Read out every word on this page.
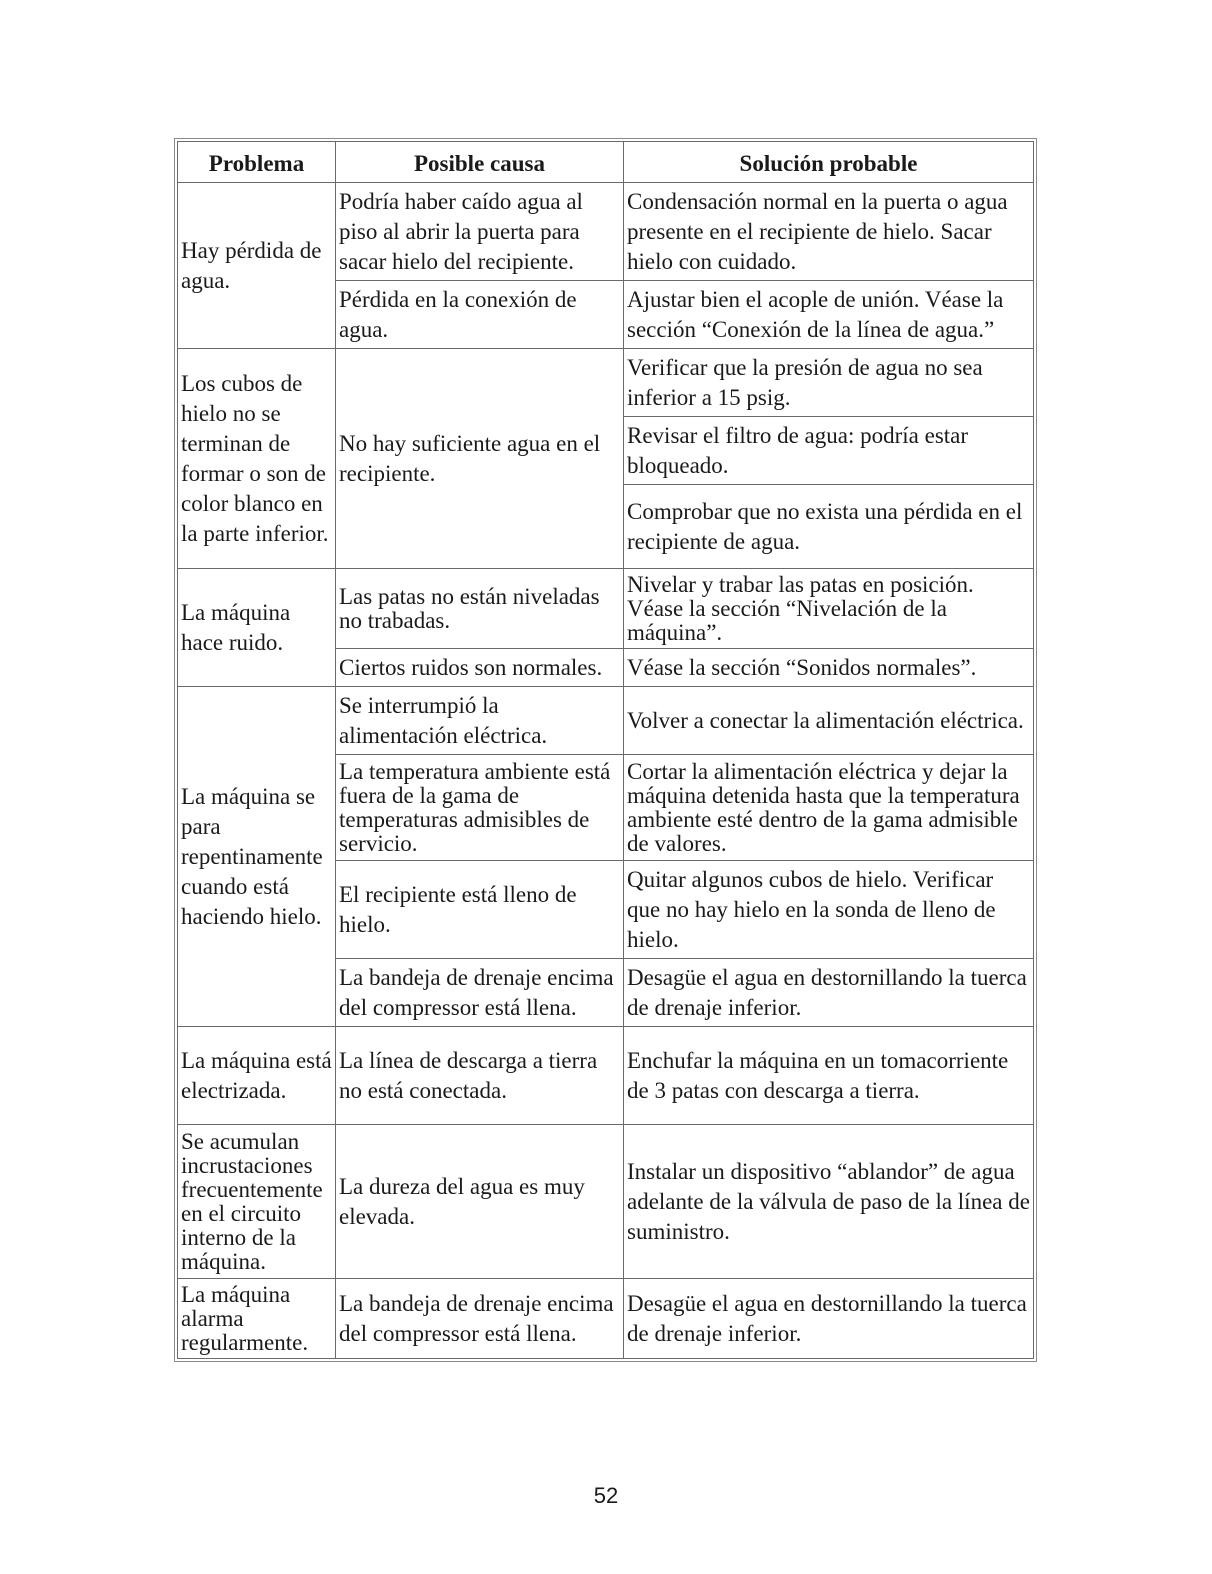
Problema	Posible causa	Solución probable
Hay pérdida de agua.	Podría haber caído agua al piso al abrir la puerta para sacar hielo del recipiente.	Condensación normal en la puerta o agua presente en el recipiente de hielo. Sacar hielo con cuidado.
	Pérdida en la conexión de agua.	Ajustar bien el acople de unión. Véase la sección “Conexión de la línea de agua.”
Los cubos de hielo no se terminan de formar o son de color blanco en la parte inferior.	No hay suficiente agua en el recipiente.	Verificar que la presión de agua no sea inferior a 15 psig.
		Revisar el filtro de agua: podría estar bloqueado.
		Comprobar que no exista una pérdida en el recipiente de agua.
La máquina hace ruido.	Las patas no están niveladas no trabadas.	Nivelar y trabar las patas en posición. Véase la sección “Nivelación de la máquina”.
	Ciertos ruidos son normales.	Véase la sección “Sonidos normales”.
La máquina se para repentinamente cuando está haciendo hielo.	Se interrumpió la alimentación eléctrica.	Volver a conectar la alimentación eléctrica.
	La temperatura ambiente está fuera de la gama de temperaturas admisibles de servicio.	Cortar la alimentación eléctrica y dejar la máquina detenida hasta que la temperatura ambiente esté dentro de la gama admisible de valores.
	El recipiente está lleno de hielo.	Quitar algunos cubos de hielo. Verificar que no hay hielo en la sonda de lleno de hielo.
	La bandeja de drenaje encima del compressor está llena.	Desagüe el agua en destornillando la tuerca de drenaje inferior.
La máquina está electrizada.	La línea de descarga a tierra no está conectada.	Enchufar la máquina en un tomacorriente de 3 patas con descarga a tierra.
Se acumulan incrustaciones frecuentemente en el circuito interno de la máquina.	La dureza del agua es muy elevada.	Instalar un dispositivo “ablandor” de agua adelante de la válvula de paso de la línea de suministro.
La máquina alarma regularmente.	La bandeja de drenaje encima del compressor está llena.	Desagüe el agua en destornillando la tuerca de drenaje inferior.
52
